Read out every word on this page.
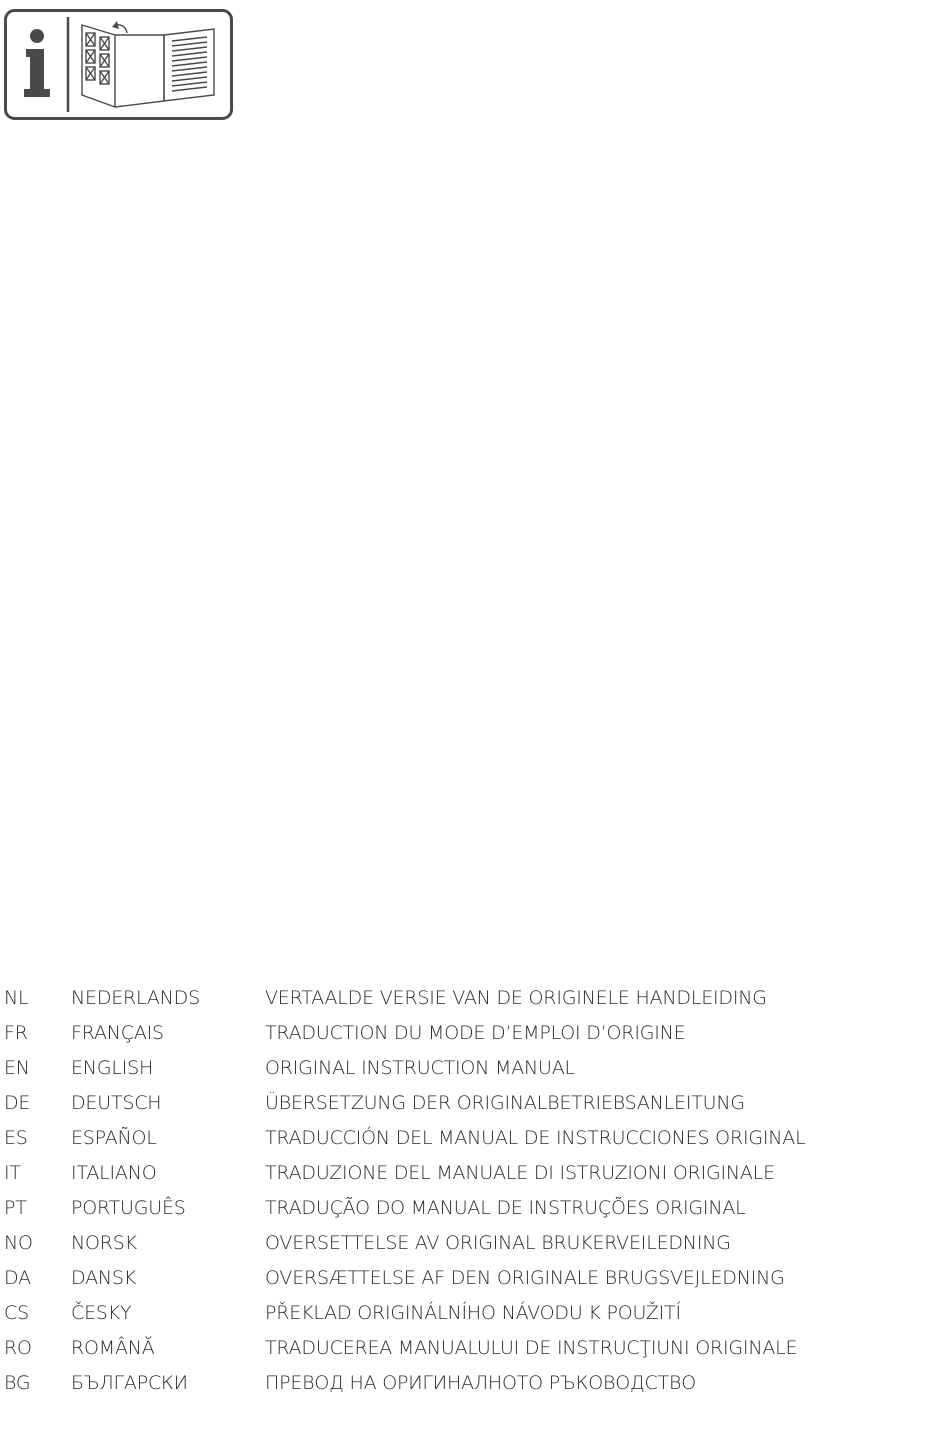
NL NEDERLANDS	VERTAALDE VERSIE VAN DE ORIGINELE HANDLEIDING
FR FRANÇAIS	TRADUCTION DU MODE D’EMPLOI D’ORIGINE
EN ENGLISH	ORIGINAL INSTRUCTION MANUAL
DE DEUTSCH	ÜBERSETZUNG DER ORIGINALBETRIEBSANLEITUNG
ES ESPAÑOL	TRADUCCIÓN DEL MANUAL DE INSTRUCCIONES ORIGINAL
IT	ITALIANO	TRADUZIONE DEL MANUALE DI ISTRUZIONI ORIGINALE
PT PORTUGUÊS	TRADUÇÃO DO MANUAL DE INSTRUÇÕES ORIGINAL
NO NORSK	OVERSETTELSE AV ORIGINAL BRUKERVEILEDNING
DA DANSK	OVERSÆTTELSE AF DEN ORIGINALE BRUGSVEJLEDNING
CS ČESKY	PŘEKLAD ORIGINÁLNÍHO NÁVODU K POUŽITÍ
RO ROMÂNĂ	TRADUCEREA MANUALULUI DE INSTRUCŢIUNI ORIGINALE
BG БЪЛГАРСКИ	ПРЕВОД НА ОРИГИНАЛНОТО РЪКОВОДСТВО
